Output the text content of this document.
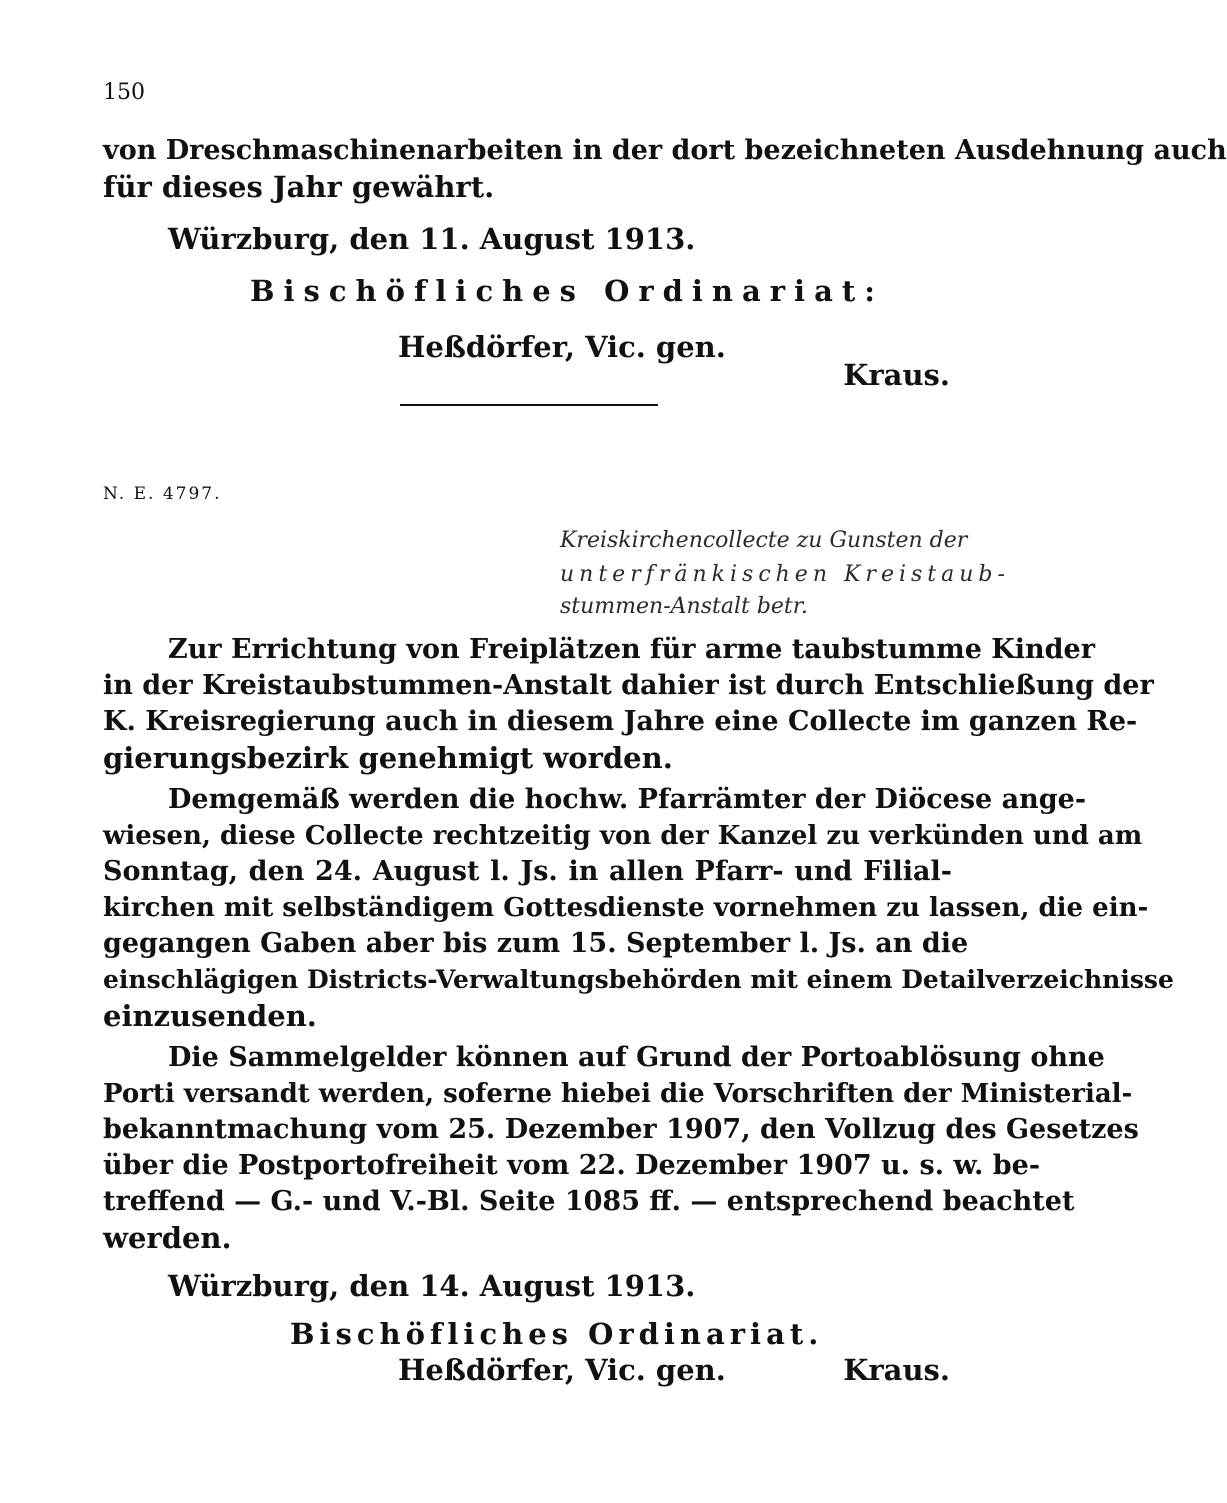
150
von Dreschmaschinenarbeiten in der dort bezeichneten Ausdehnung auch
für dieses Jahr gewährt.
Würzburg, den 11. August 1913.
Bischöfliches Ordinariat:
Heßdörfer, Vic. gen.
Kraus.
N. E. 4797.
Kreiskirchencollecte zu Gunsten der
unterfränkischen Kreistaub-
stummen-Anstalt betr.
Zur Errichtung von Freiplätzen für arme taubstumme Kinder
in der Kreistaubstummen-Anstalt dahier ist durch Entschließung der
K. Kreisregierung auch in diesem Jahre eine Collecte im ganzen Re-
gierungsbezirk genehmigt worden.
Demgemäß werden die hochw. Pfarrämter der Diöcese ange-
wiesen, diese Collecte rechtzeitig von der Kanzel zu verkünden und am
Sonntag, den 24. August l. Js. in allen Pfarr- und Filial-
kirchen mit selbständigem Gottesdienste vornehmen zu lassen, die ein-
gegangen Gaben aber bis zum 15. September l. Js. an die
einschlägigen Districts-Verwaltungsbehörden mit einem Detailverzeichnisse
einzusenden.
Die Sammelgelder können auf Grund der Portoablösung ohne
Porti versandt werden, soferne hiebei die Vorschriften der Ministerial-
bekanntmachung vom 25. Dezember 1907, den Vollzug des Gesetzes
über die Postportofreiheit vom 22. Dezember 1907 u. s. w. be-
treffend — G.- und V.-Bl. Seite 1085 ff. — entsprechend beachtet
werden.
Würzburg, den 14. August 1913.
Bischöfliches Ordinariat.
Heßdörfer, Vic. gen.	Kraus.
